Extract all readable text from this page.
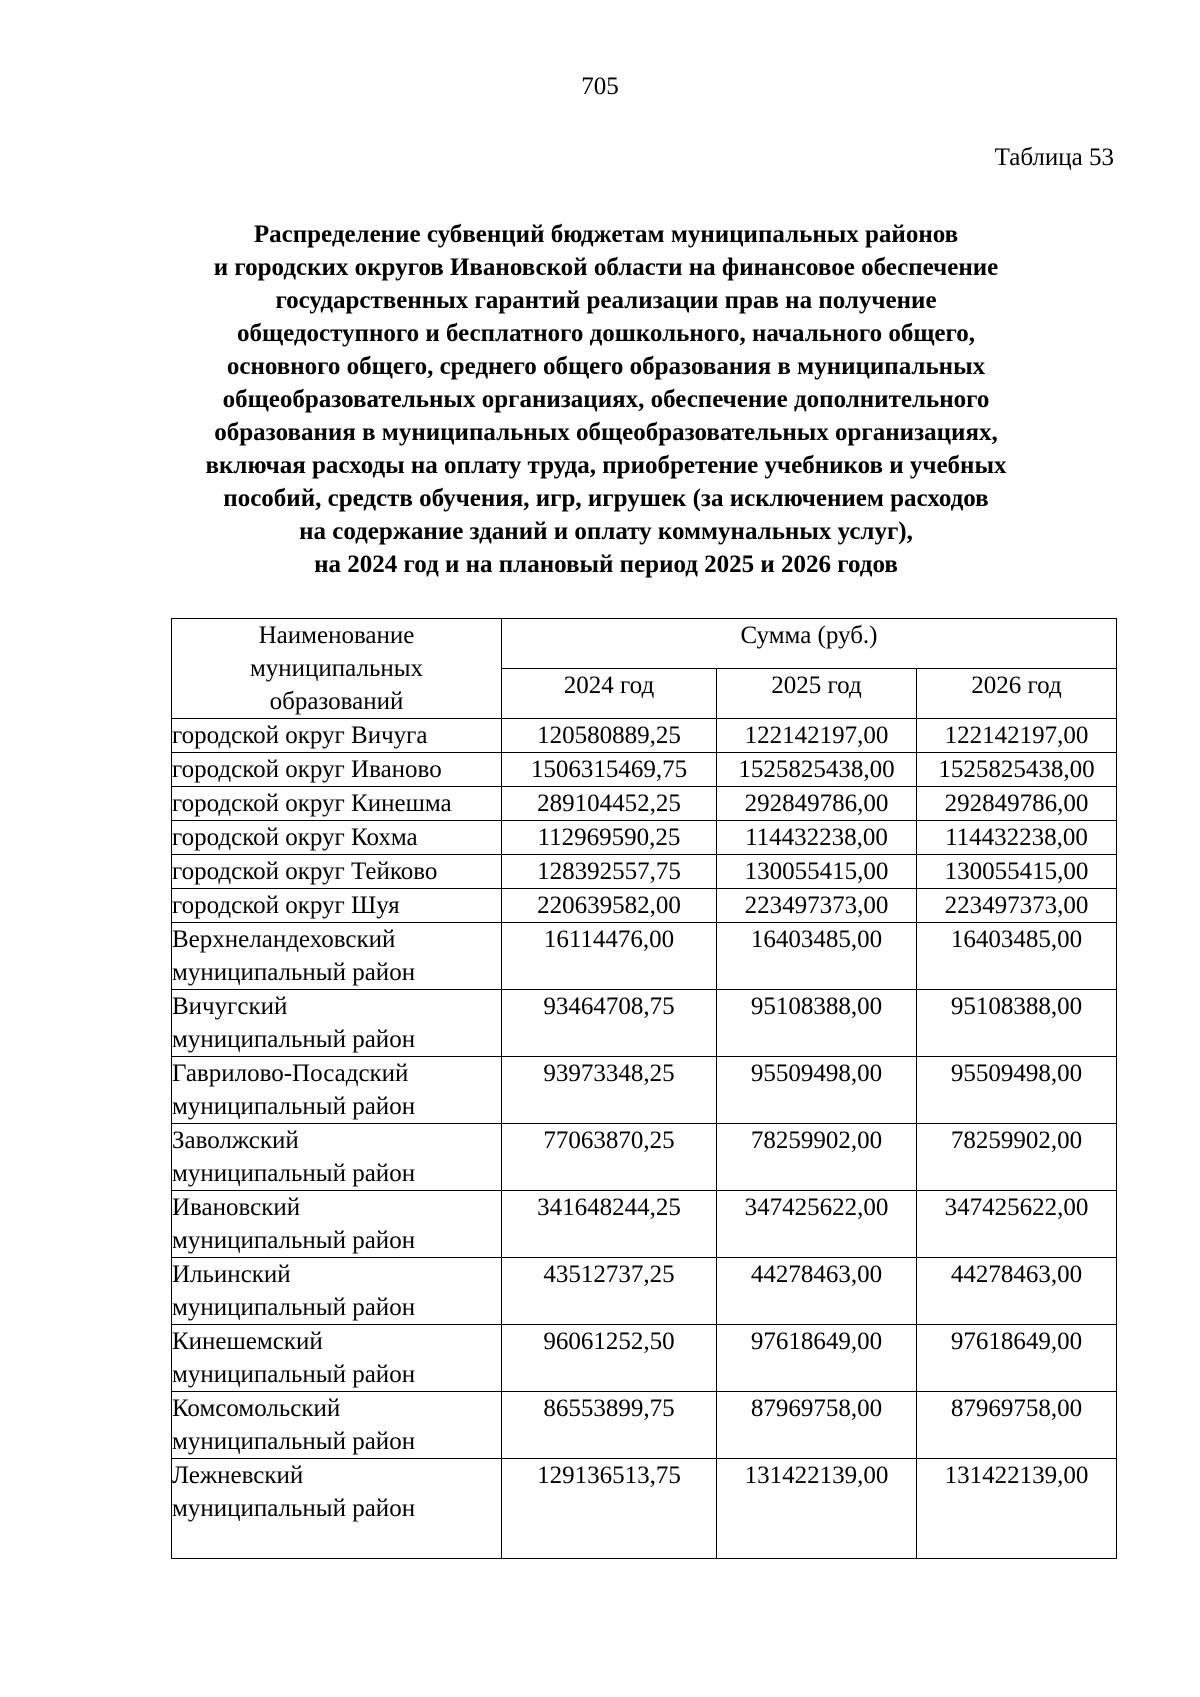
705
Таблица 53
Распределение субвенций бюджетам муниципальных районов
и городских округов Ивановской области на финансовое обеспечение
государственных гарантий реализации прав на получение
общедоступного и бесплатного дошкольного, начального общего,
основного общего, среднего общего образования в муниципальных
общеобразовательных организациях, обеспечение дополнительного
образования в муниципальных общеобразовательных организациях,
включая расходы на оплату труда, приобретение учебников и учебных
пособий, средств обучения, игр, игрушек (за исключением расходов
на содержание зданий и оплату коммунальных услуг),
на 2024 год и на плановый период 2025 и 2026 годов
Наименование
муниципальных
образований	Сумма (руб.)		
	2024 год	2025 год	2026 год

городской округ Вичуга	120580889,25	122142197,00	122142197,00

городской округ Иваново	1506315469,75	1525825438,00	1525825438,00

городской округ Кинешма	289104452,25	292849786,00	292849786,00

городской округ Кохма	112969590,25	114432238,00	114432238,00

городской округ Тейково	128392557,75	130055415,00	130055415,00

городской округ Шуя	220639582,00	223497373,00	223497373,00

Верхнеландеховский
муниципальный район	16114476,00	16403485,00	16403485,00

Вичугский
муниципальный район	93464708,75	95108388,00	95108388,00

Гаврилово-Посадский
муниципальный район	93973348,25	95509498,00	95509498,00

Заволжский
муниципальный район	77063870,25	78259902,00	78259902,00

Ивановский
муниципальный район	341648244,25	347425622,00	347425622,00

Ильинский
муниципальный район	43512737,25	44278463,00	44278463,00

Кинешемский
муниципальный район	96061252,50	97618649,00	97618649,00

Комсомольский
муниципальный район	86553899,75	87969758,00	87969758,00

Лежневский
муниципальный район	129136513,75	131422139,00	131422139,00
